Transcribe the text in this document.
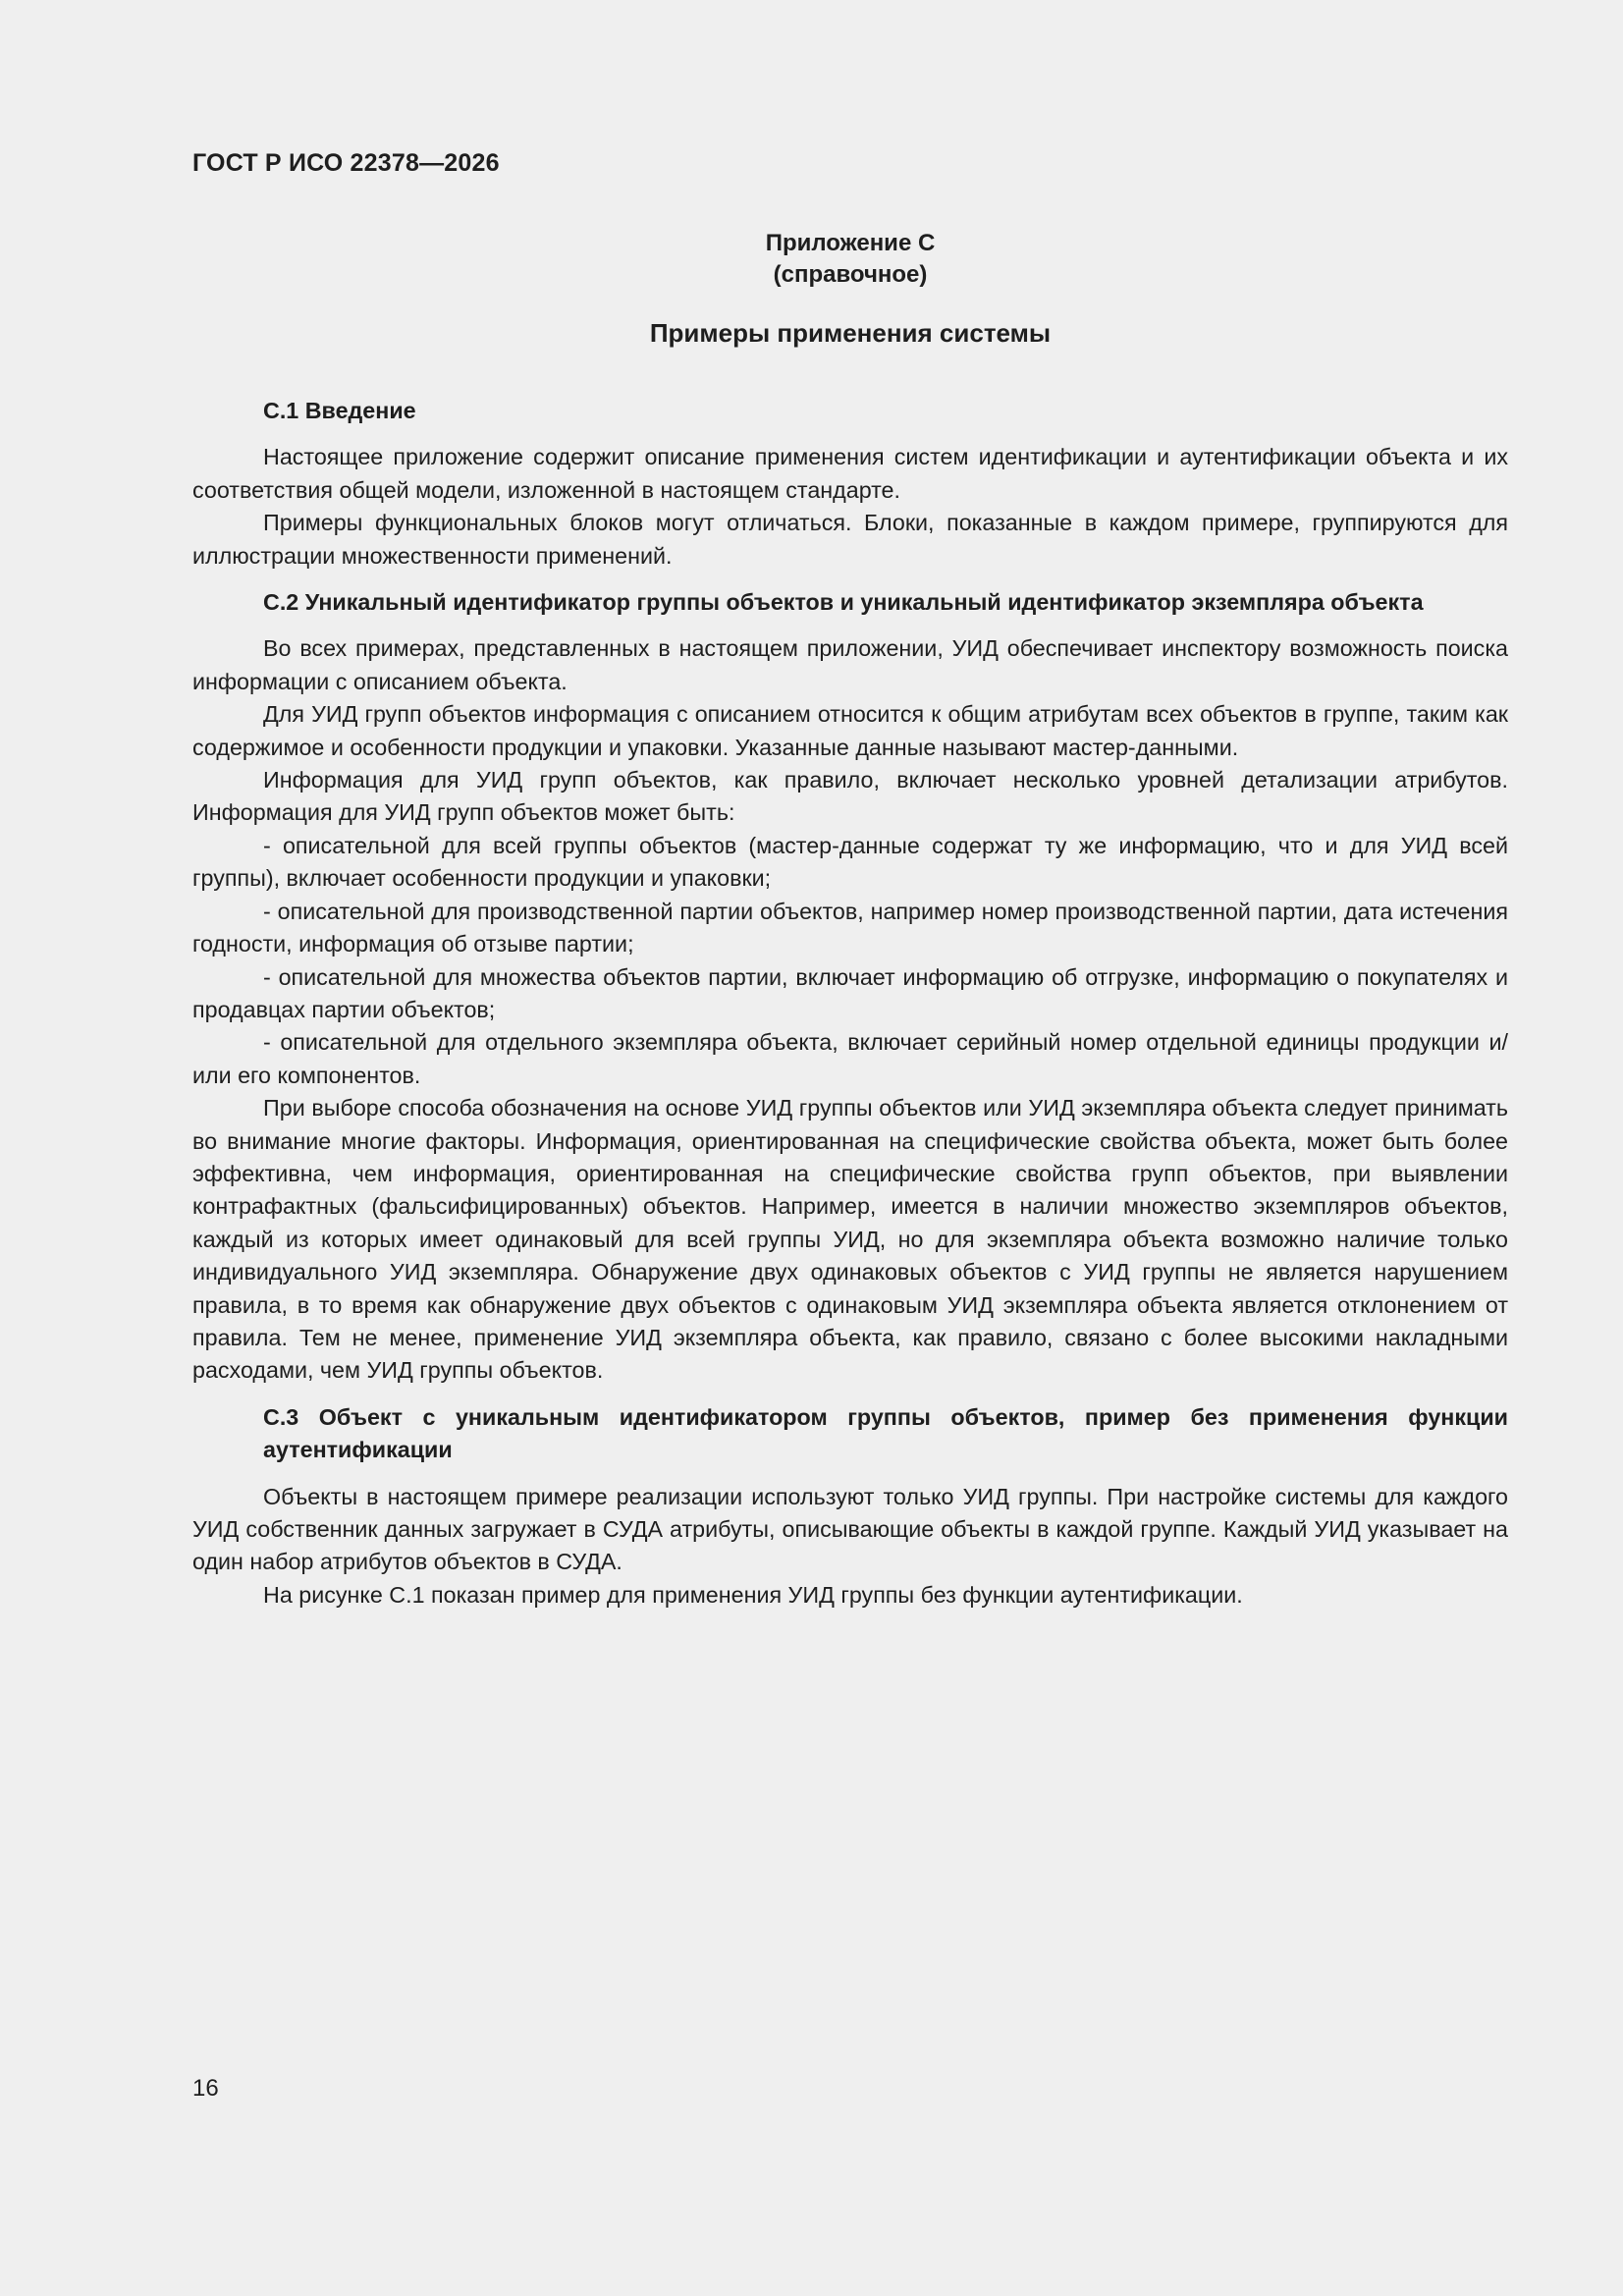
ГОСТ Р ИСО 22378—2026
Приложение С
(справочное)
Примеры применения системы
С.1 Введение

Настоящее приложение содержит описание применения систем идентификации и аутентификации объекта и их соответствия общей модели, изложенной в настоящем стандарте.

Примеры функциональных блоков могут отличаться. Блоки, показанные в каждом примере, группируются для иллюстрации множественности применений.

С.2 Уникальный идентификатор группы объектов и уникальный идентификатор экземпляра объекта

Во всех примерах, представленных в настоящем приложении, УИД обеспечивает инспектору возможность поиска информации с описанием объекта.

Для УИД групп объектов информация с описанием относится к общим атрибутам всех объектов в группе, таким как содержимое и особенности продукции и упаковки. Указанные данные называют мастер-данными.

Информация для УИД групп объектов, как правило, включает несколько уровней детализации атрибутов. Информация для УИД групп объектов может быть:

- описательной для всей группы объектов (мастер-данные содержат ту же информацию, что и для УИД всей группы), включает особенности продукции и упаковки;

- описательной для производственной партии объектов, например номер производственной партии, дата истечения годности, информация об отзыве партии;

- описательной для множества объектов партии, включает информацию об отгрузке, информацию о покупателях и продавцах партии объектов;

- описательной для отдельного экземпляра объекта, включает серийный номер отдельной единицы продукции и/или его компонентов.

При выборе способа обозначения на основе УИД группы объектов или УИД экземпляра объекта следует принимать во внимание многие факторы. Информация, ориентированная на специфические свойства объекта, может быть более эффективна, чем информация, ориентированная на специфические свойства групп объектов, при выявлении контрафактных (фальсифицированных) объектов. Например, имеется в наличии множество экземпляров объектов, каждый из которых имеет одинаковый для всей группы УИД, но для экземпляра объекта возможно наличие только индивидуального УИД экземпляра. Обнаружение двух одинаковых объектов с УИД группы не является нарушением правила, в то время как обнаружение двух объектов с одинаковым УИД экземпляра объекта является отклонением от правила. Тем не менее, применение УИД экземпляра объекта, как правило, связано с более высокими накладными расходами, чем УИД группы объектов.

С.3 Объект с уникальным идентификатором группы объектов, пример без применения функции аутентификации

Объекты в настоящем примере реализации используют только УИД группы. При настройке системы для каждого УИД собственник данных загружает в СУДА атрибуты, описывающие объекты в каждой группе. Каждый УИД указывает на один набор атрибутов объектов в СУДА.

На рисунке С.1 показан пример для применения УИД группы без функции аутентификации.

16
